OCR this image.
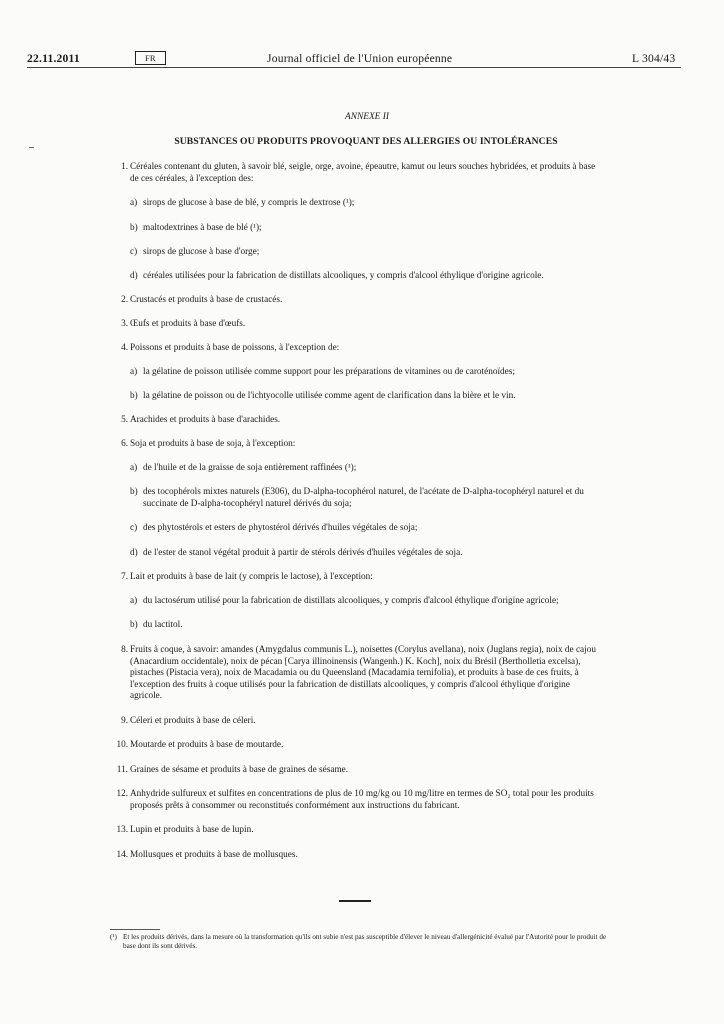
22.11.2011	FR	Journal officiel de l'Union européenne	L 304/43
ANNEXE II
SUBSTANCES OU PRODUITS PROVOQUANT DES ALLERGIES OU INTOLÉRANCES
1. Céréales contenant du gluten, à savoir blé, seigle, orge, avoine, épeautre, kamut ou leurs souches hybridées, et produits à base de ces céréales, à l'exception des:
a) sirops de glucose à base de blé, y compris le dextrose (¹);
b) maltodextrines à base de blé (¹);
c) sirops de glucose à base d'orge;
d) céréales utilisées pour la fabrication de distillats alcooliques, y compris d'alcool éthylique d'origine agricole.
2. Crustacés et produits à base de crustacés.
3. Œufs et produits à base d'œufs.
4. Poissons et produits à base de poissons, à l'exception de:
a) la gélatine de poisson utilisée comme support pour les préparations de vitamines ou de caroténoïdes;
b) la gélatine de poisson ou de l'ichtyocolle utilisée comme agent de clarification dans la bière et le vin.
5. Arachides et produits à base d'arachides.
6. Soja et produits à base de soja, à l'exception:
a) de l'huile et de la graisse de soja entièrement raffinées (¹);
b) des tocophérols mixtes naturels (E306), du D-alpha-tocophérol naturel, de l'acétate de D-alpha-tocophéryl naturel et du succinate de D-alpha-tocophéryl naturel dérivés du soja;
c) des phytostérols et esters de phytostérol dérivés d'huiles végétales de soja;
d) de l'ester de stanol végétal produit à partir de stérols dérivés d'huiles végétales de soja.
7. Lait et produits à base de lait (y compris le lactose), à l'exception:
a) du lactosérum utilisé pour la fabrication de distillats alcooliques, y compris d'alcool éthylique d'origine agricole;
b) du lactitol.
8. Fruits à coque, à savoir: amandes (Amygdalus communis L.), noisettes (Corylus avellana), noix (Juglans regia), noix de cajou (Anacardium occidentale), noix de pécan [Carya illinoinensis (Wangenh.) K. Koch], noix du Brésil (Bertholletia excelsa), pistaches (Pistacia vera), noix de Macadamia ou du Queensland (Macadamia ternifolia), et produits à base de ces fruits, à l'exception des fruits à coque utilisés pour la fabrication de distillats alcooliques, y compris d'alcool éthylique d'origine agricole.
9. Céleri et produits à base de céleri.
10. Moutarde et produits à base de moutarde.
11. Graines de sésame et produits à base de graines de sésame.
12. Anhydride sulfureux et sulfites en concentrations de plus de 10 mg/kg ou 10 mg/litre en termes de SO₂ total pour les produits proposés prêts à consommer ou reconstitués conformément aux instructions du fabricant.
13. Lupin et produits à base de lupin.
14. Mollusques et produits à base de mollusques.
(¹) Et les produits dérivés, dans la mesure où la transformation qu'ils ont subie n'est pas susceptible d'élever le niveau d'allergénicité évalué par l'Autorité pour le produit de base dont ils sont dérivés.
